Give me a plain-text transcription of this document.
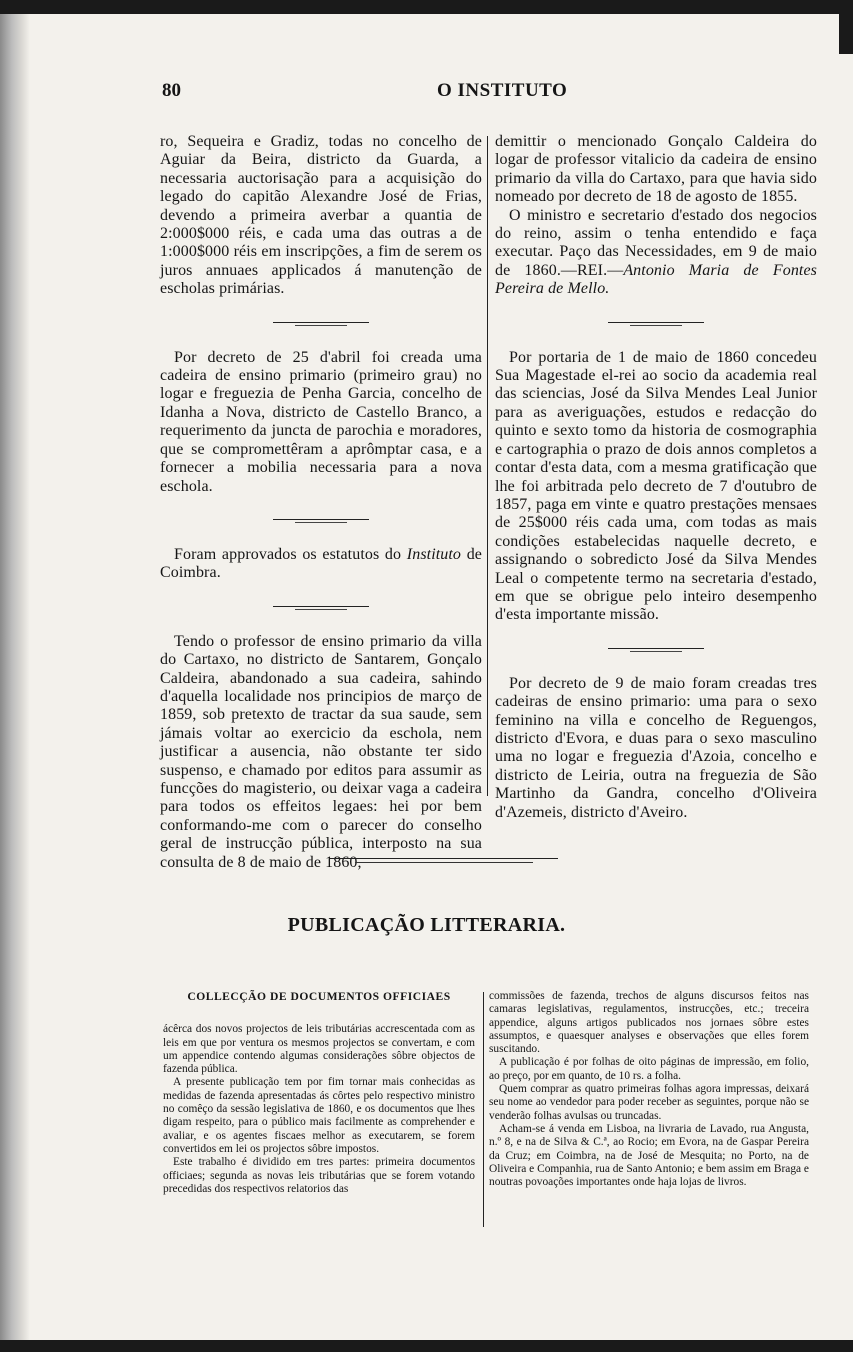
80	O INSTITUTO

ro, Sequeira e Gradiz, todas no concelho de Aguiar da Beira, districto da Guarda, a necessaria auctorisação para a acquisição do legado do capitão Alexandre José de Frias, devendo a primeira averbar a quantia de 2:000$000 réis, e cada uma das outras a de 1:000$000 réis em inscripções, a fim de serem os juros annuaes applicados á manutenção de escholas primárias.

Por decreto de 25 d'abril foi creada uma cadeira de ensino primario (primeiro grau) no logar e freguezia de Penha Garcia, concelho de Idanha a Nova, districto de Castello Branco, a requerimento da juncta de parochia e moradores, que se compromettêram a aprômptar casa, e a fornecer a mobilia necessaria para a nova eschola.

Foram approvados os estatutos do Instituto de Coimbra.

Tendo o professor de ensino primario da villa do Cartaxo, no districto de Santarem, Gonçalo Caldeira, abandonado a sua cadeira, sahindo d'aquella localidade nos principios de março de 1859, sob pretexto de tractar da sua saude, sem jámais voltar ao exercicio da eschola, nem justificar a ausencia, não obstante ter sido suspenso, e chamado por editos para assumir as funcções do magisterio, ou deixar vaga a cadeira para todos os effeitos legaes: hei por bem conformando-me com o parecer do conselho geral de instrucção pública, interposto na sua consulta de 8 de maio de 1860,

demittir o mencionado Gonçalo Caldeira do logar de professor vitalicio da cadeira de ensino primario da villa do Cartaxo, para que havia sido nomeado por decreto de 18 de agosto de 1855.

O ministro e secretario d'estado dos negocios do reino, assim o tenha entendido e faça executar. Paço das Necessidades, em 9 de maio de 1860.—REI.—Antonio Maria de Fontes Pereira de Mello.

Por portaria de 1 de maio de 1860 concedeu Sua Magestade el-rei ao socio da academia real das sciencias, José da Silva Mendes Leal Junior para as averiguações, estudos e redacção do quinto e sexto tomo da historia de cosmographia e cartographia o prazo de dois annos completos a contar d'esta data, com a mesma gratificação que lhe foi arbitrada pelo decreto de 7 d'outubro de 1857, paga em vinte e quatro prestações mensaes de 25$000 réis cada uma, com todas as mais condições estabelecidas naquelle decreto, e assignando o sobredicto José da Silva Mendes Leal o competente termo na secretaria d'estado, em que se obrigue pelo inteiro desempenho d'esta importante missão.

Por decreto de 9 de maio foram creadas tres cadeiras de ensino primario: uma para o sexo feminino na villa e concelho de Reguengos, districto d'Evora, e duas para o sexo masculino uma no logar e freguezia d'Azoia, concelho e districto de Leiria, outra na freguezia de São Martinho da Gandra, concelho d'Oliveira d'Azemeis, districto d'Aveiro.

PUBLICAÇÃO LITTERARIA.

COLLECÇÃO DE DOCUMENTOS OFFICIAES

ácêrca dos novos projectos de leis tributárias accrescentada com as leis em que por ventura os mesmos projectos se convertam, e com um appendice contendo algumas considerações sôbre objectos de fazenda pública.

A presente publicação tem por fim tornar mais conhecidas as medidas de fazenda apresentadas ás côrtes pelo respectivo ministro no comêço da sessão legislativa de 1860, e os documentos que lhes digam respeito, para o público mais facilmente as comprehender e avaliar, e os agentes fiscaes melhor as executarem, se forem convertidos em lei os projectos sôbre impostos.

Este trabalho é dividido em tres partes: primeira documentos officiaes; segunda as novas leis tributárias que se forem votando precedidas dos respectivos relatorios das

commissões de fazenda, trechos de alguns discursos feitos nas camaras legislativas, regulamentos, instrucções, etc.; treceira appendice, alguns artigos publicados nos jornaes sôbre estes assumptos, e quaesquer analyses e observações que elles forem suscitando.

A publicação é por folhas de oito páginas de impressão, em folio, ao preço, por em quanto, de 10 rs. a folha.

Quem comprar as quatro primeiras folhas agora impressas, deixará seu nome ao vendedor para poder receber as seguintes, porque não se venderão folhas avulsas ou truncadas.

Acham-se á venda em Lisboa, na livraria de Lavado, rua Angusta, n.º 8, e na de Silva & C.ª, ao Rocio; em Evora, na de Gaspar Pereira da Cruz; em Coimbra, na de José de Mesquita; no Porto, na de Oliveira e Companhia, rua de Santo Antonio; e bem assim em Braga e noutras povoações importantes onde haja lojas de livros.
